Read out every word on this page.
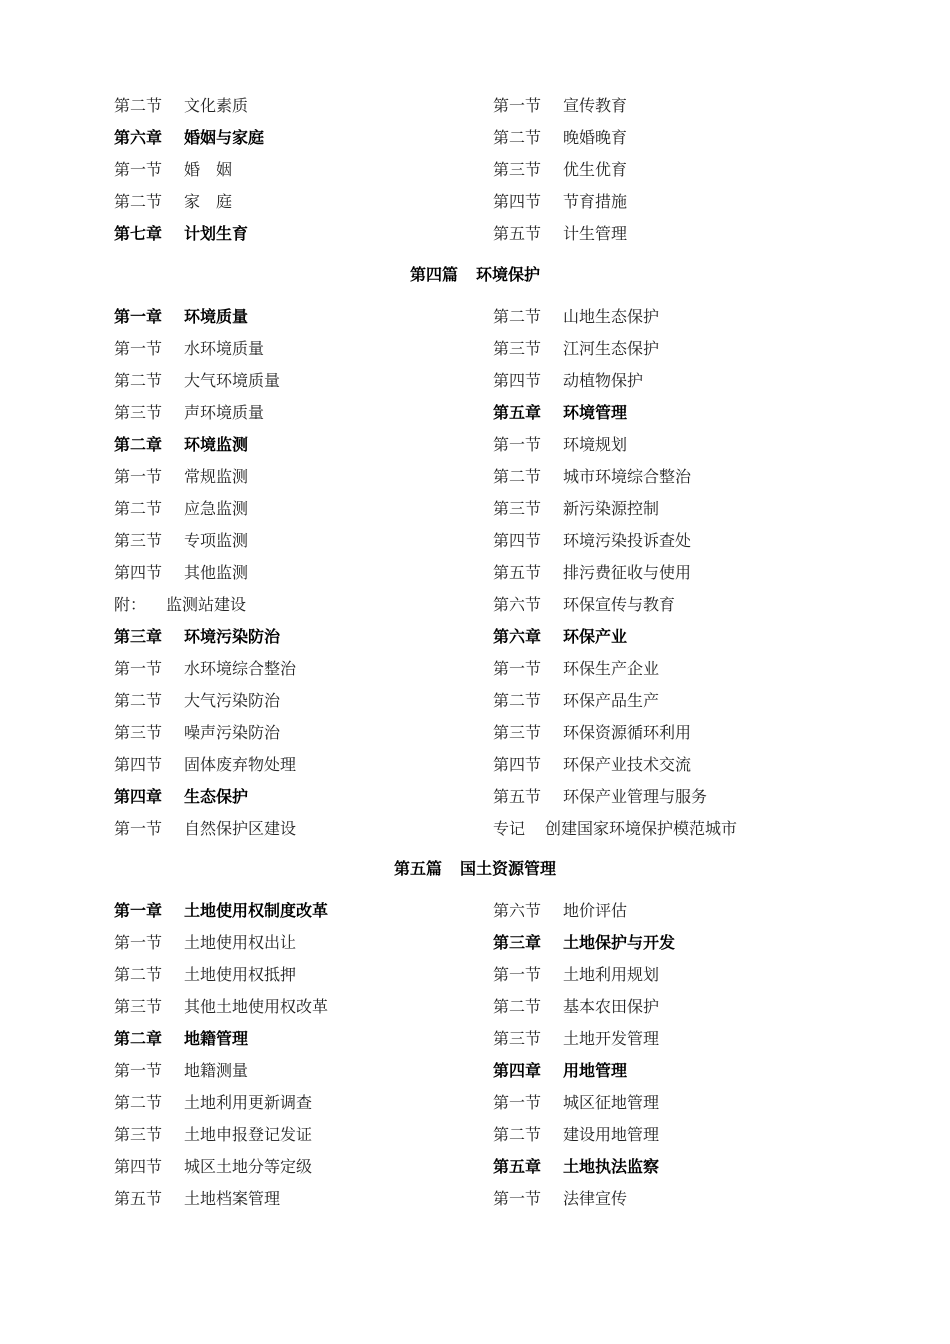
第二节 文化素质
第六章 婚姻与家庭
第一节 婚　姻
第二节 家　庭
第七章 计划生育
第一节 宣传教育
第二节 晚婚晚育
第三节 优生优育
第四节 节育措施
第五节 计生管理
第四篇 环境保护
第一章 环境质量
第一节 水环境质量
第二节 大气环境质量
第三节 声环境质量
第二章 环境监测
第一节 常规监测
第二节 应急监测
第三节 专项监测
第四节 其他监测
附： 监测站建设
第三章 环境污染防治
第一节 水环境综合整治
第二节 大气污染防治
第三节 噪声污染防治
第四节 固体废弃物处理
第四章 生态保护
第一节 自然保护区建设
第二节 山地生态保护
第三节 江河生态保护
第四节 动植物保护
第五章 环境管理
第一节 环境规划
第二节 城市环境综合整治
第三节 新污染源控制
第四节 环境污染投诉查处
第五节 排污费征收与使用
第六节 环保宣传与教育
第六章 环保产业
第一节 环保生产企业
第二节 环保产品生产
第三节 环保资源循环利用
第四节 环保产业技术交流
第五节 环保产业管理与服务
专记 创建国家环境保护模范城市
第五篇 国土资源管理
第一章 土地使用权制度改革
第一节 土地使用权出让
第二节 土地使用权抵押
第三节 其他土地使用权改革
第二章 地籍管理
第一节 地籍测量
第二节 土地利用更新调查
第三节 土地申报登记发证
第四节 城区土地分等定级
第五节 土地档案管理
第六节 地价评估
第三章 土地保护与开发
第一节 土地利用规划
第二节 基本农田保护
第三节 土地开发管理
第四章 用地管理
第一节 城区征地管理
第二节 建设用地管理
第五章 土地执法监察
第一节 法律宣传
